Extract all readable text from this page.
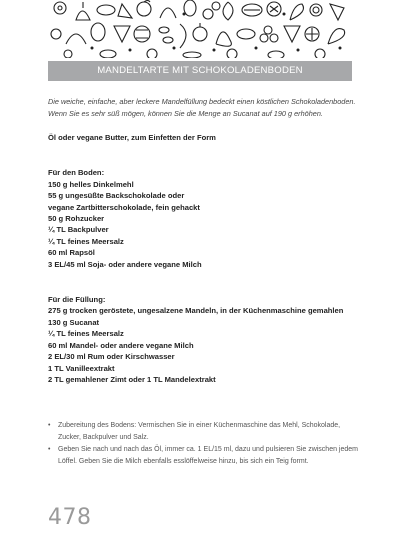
MANDELTARTE MIT SCHOKOLADENBODEN

Die weiche, einfache, aber leckere Mandelfüllung bedeckt einen köstlichen Schokoladenboden. Wenn Sie es sehr süß mögen, können Sie die Menge an Sucanat auf 190 g erhöhen.

Öl oder vegane Butter, zum Einfetten der Form

Für den Boden:

150 g helles Dinkelmehl
55 g ungesüßte Backschokolade oder
vegane Zartbitterschokolade, fein gehackt
50 g Rohzucker
¼ TL Backpulver
¼ TL feines Meersalz
60 ml Rapsöl
3 EL/45 ml Soja- oder andere vegane Milch

Für die Füllung:

275 g trocken geröstete, ungesalzene Mandeln, in der Küchenmaschine gemahlen
130 g Sucanat
¼ TL feines Meersalz
60 ml Mandel- oder andere vegane Milch
2 EL/30 ml Rum oder Kirschwasser
1 TL Vanilleextrakt
2 TL gemahlener Zimt oder 1 TL Mandelextrakt
• Zubereitung des Bodens: Vermischen Sie in einer Küchenmaschine das Mehl, Schokolade, Zucker, Backpulver und Salz.
• Geben Sie nach und nach das Öl, immer ca. 1 EL/15 ml, dazu und pulsieren Sie zwischen jedem Löffel. Geben Sie die Milch ebenfalls esslöffelweise hinzu, bis sich ein Teig formt.
478
